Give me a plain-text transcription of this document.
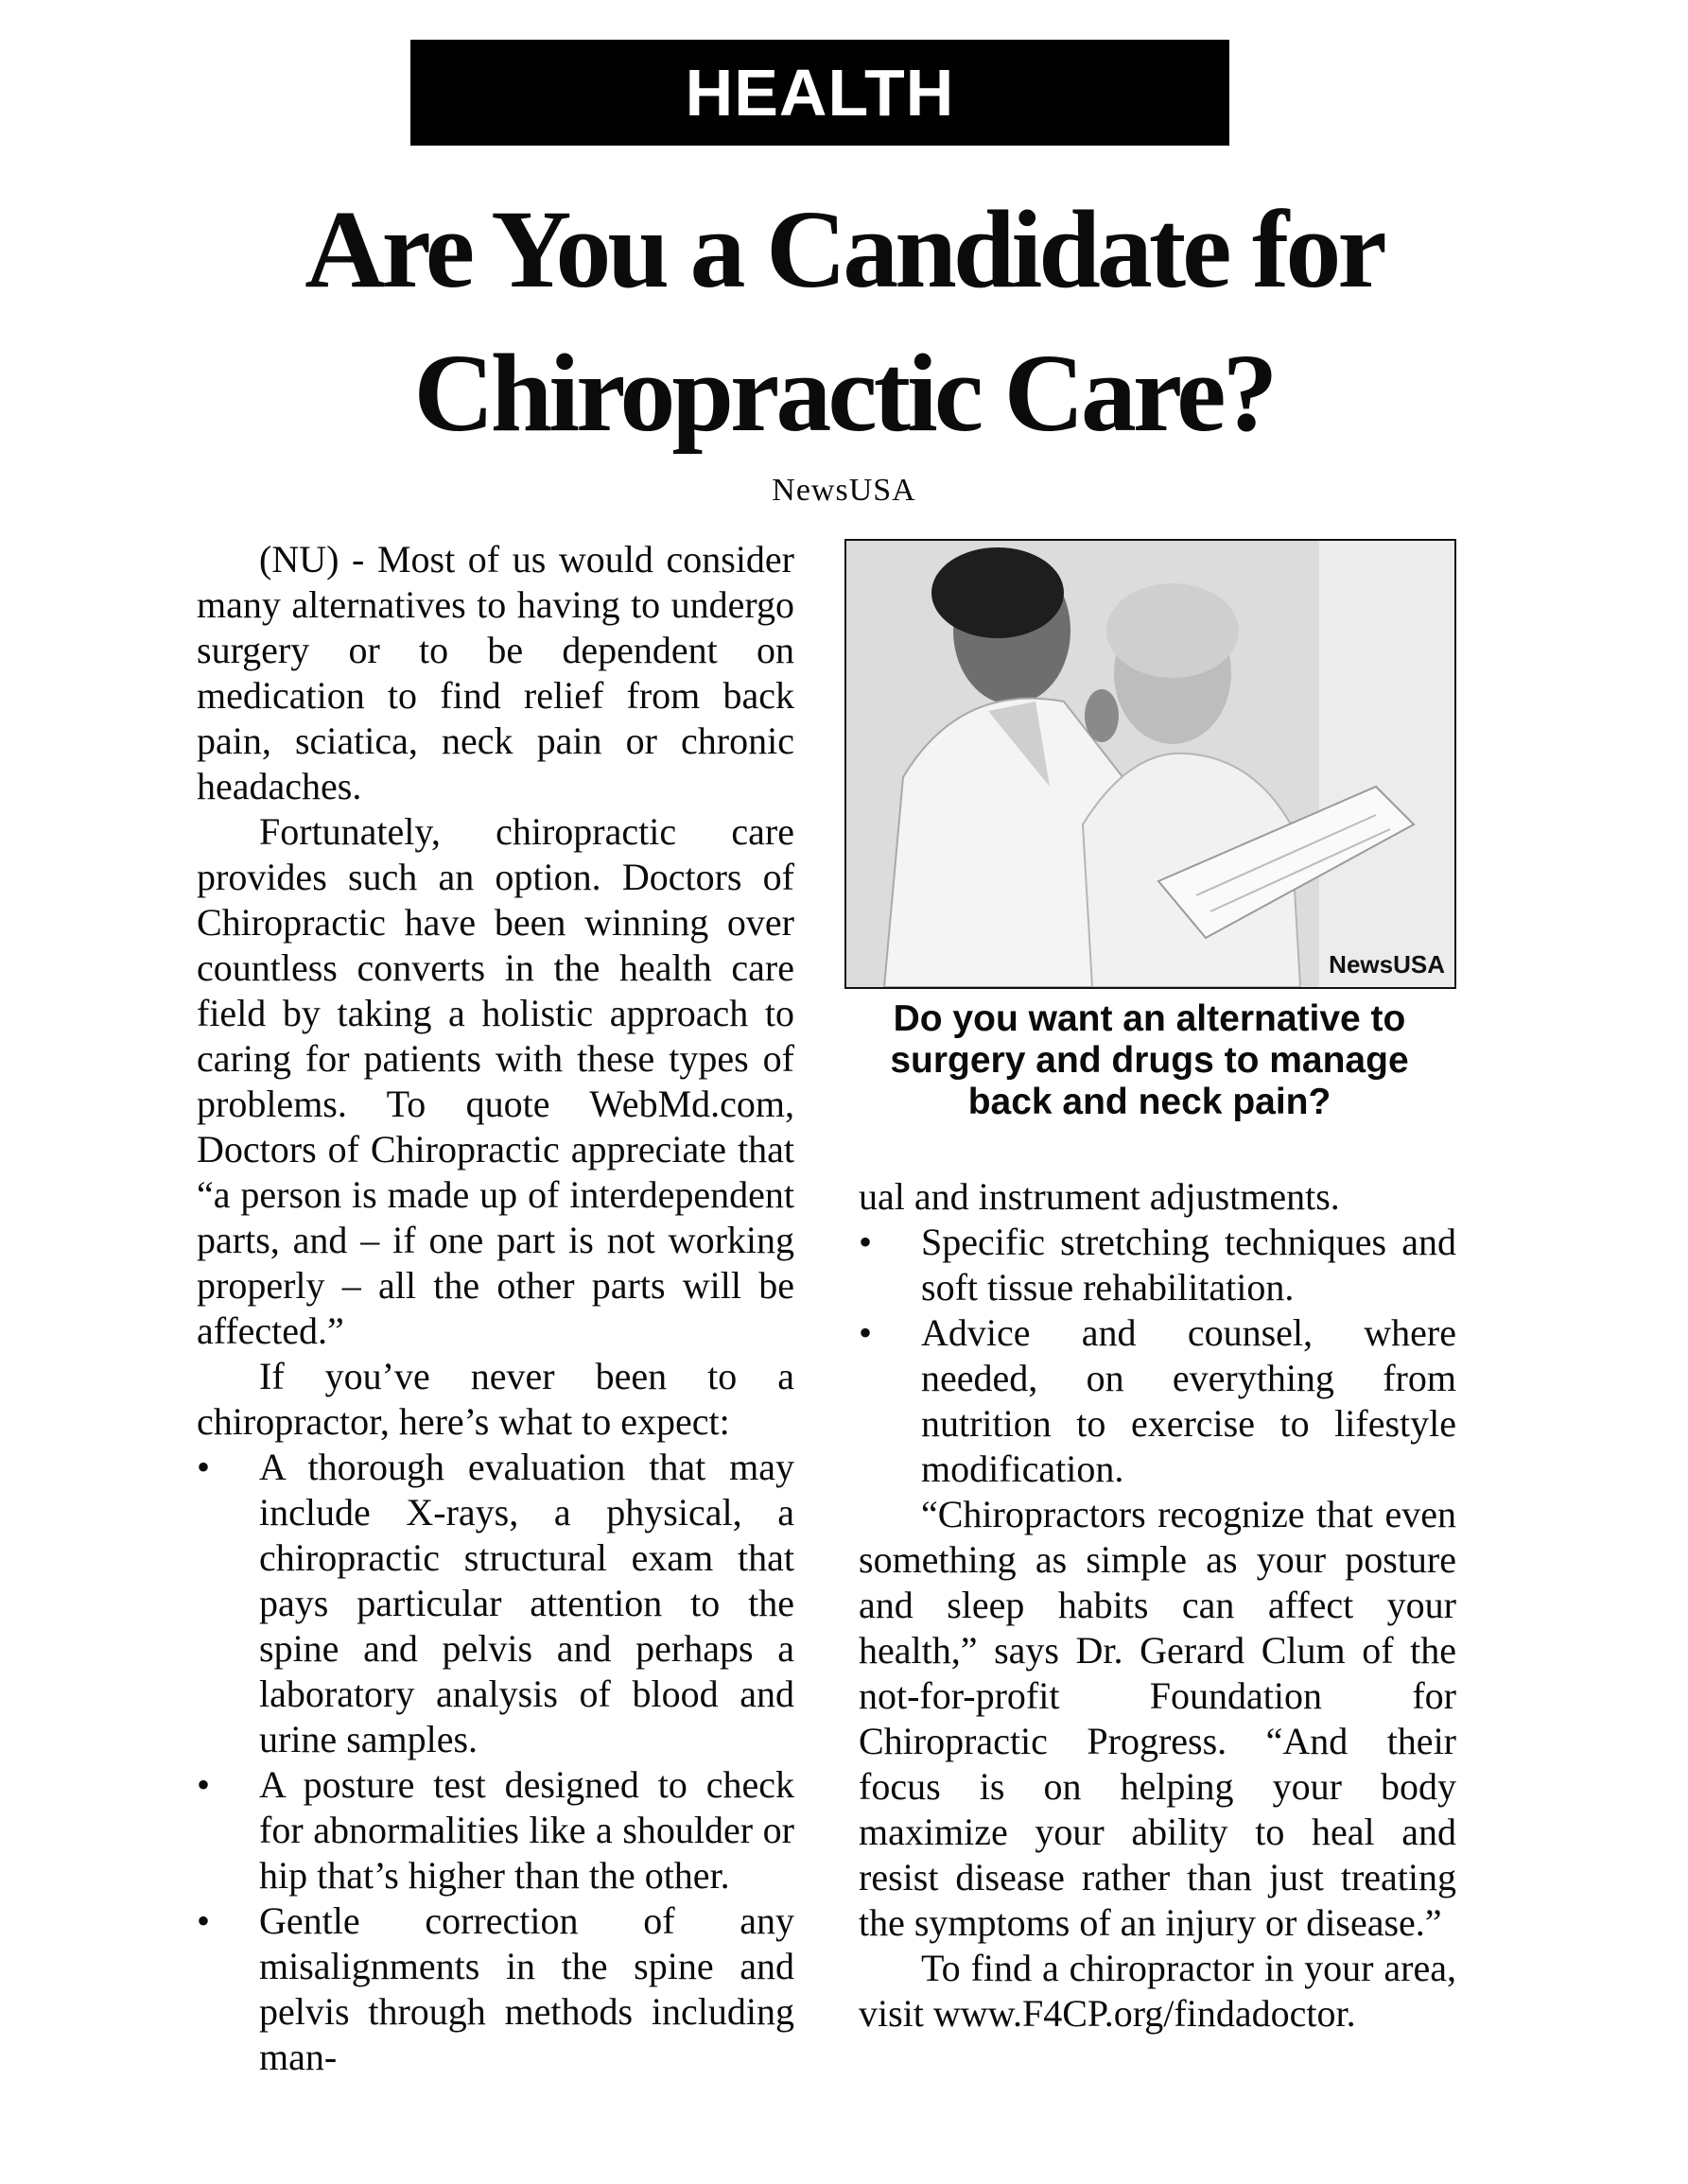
HEALTH
Are You a Candidate for Chiropractic Care?
NewsUSA

(NU) - Most of us would consider many alternatives to having to undergo surgery or to be dependent on medication to find relief from back pain, sciatica, neck pain or chronic headaches.

Fortunately, chiropractic care provides such an option. Doctors of Chiropractic have been winning over countless converts in the health care field by taking a holistic approach to caring for patients with these types of problems. To quote WebMd.com, Doctors of Chiropractic appreciate that “a person is made up of interdependent parts, and – if one part is not working properly – all the other parts will be affected.”

If you’ve never been to a chiropractor, here’s what to expect:

• A thorough evaluation that may include X-rays, a physical, a chiropractic structural exam that pays particular attention to the spine and pelvis and perhaps a laboratory analysis of blood and urine samples.

• A posture test designed to check for abnormalities like a shoulder or hip that’s higher than the other.

• Gentle correction of any misalignments in the spine and pelvis through methods including man-

NewsUSA
Do you want an alternative to surgery and drugs to manage back and neck pain?

ual and instrument adjustments.

• Specific stretching techniques and soft tissue rehabilitation.

• Advice and counsel, where needed, on everything from nutrition to exercise to lifestyle modification.

“Chiropractors recognize that even something as simple as your posture and sleep habits can affect your health,” says Dr. Gerard Clum of the not-for-profit Foundation for Chiropractic Progress. “And their focus is on helping your body maximize your ability to heal and resist disease rather than just treating the symptoms of an injury or disease.”

To find a chiropractor in your area, visit www.F4CP.org/findadoctor.
